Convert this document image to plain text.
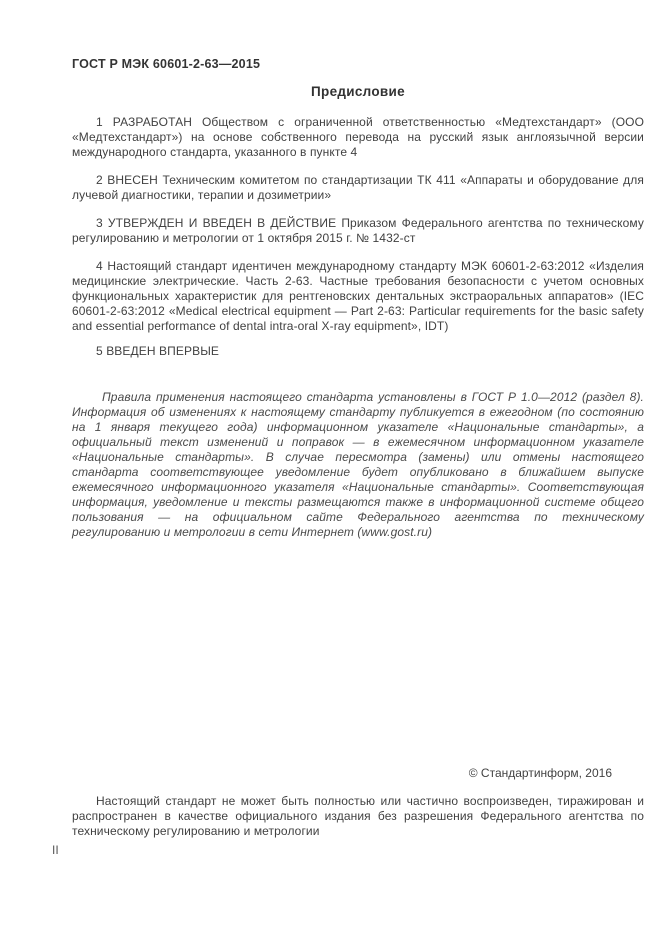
ГОСТ Р МЭК 60601-2-63—2015
Предисловие

1 РАЗРАБОТАН Обществом с ограниченной ответственностью «Медтехстандарт» (ООО «Медтехстандарт») на основе собственного перевода на русский язык англоязычной версии международного стандарта, указанного в пункте 4

2 ВНЕСЕН Техническим комитетом по стандартизации ТК 411 «Аппараты и оборудование для лучевой диагностики, терапии и дозиметрии»

3 УТВЕРЖДЕН И ВВЕДЕН В ДЕЙСТВИЕ Приказом Федерального агентства по техническому регулированию и метрологии от 1 октября 2015 г. № 1432-ст

4 Настоящий стандарт идентичен международному стандарту МЭК 60601-2-63:2012 «Изделия медицинские электрические. Часть 2-63. Частные требования безопасности с учетом основных функциональных характеристик для рентгеновских дентальных экстраоральных аппаратов» (IEC 60601-2-63:2012 «Medical electrical equipment — Part 2-63: Particular requirements for the basic safety and essential performance of dental intra-oral X-ray equipment», IDT)

5 ВВЕДЕН ВПЕРВЫЕ

Правила применения настоящего стандарта установлены в ГОСТ Р 1.0—2012 (раздел 8). Информация об изменениях к настоящему стандарту публикуется в ежегодном (по состоянию на 1 января текущего года) информационном указателе «Национальные стандарты», а официальный текст изменений и поправок — в ежемесячном информационном указателе «Национальные стандарты». В случае пересмотра (замены) или отмены настоящего стандарта соответствующее уведомление будет опубликовано в ближайшем выпуске ежемесячного информационного указателя «Национальные стандарты». Соответствующая информация, уведомление и тексты размещаются также в информационной системе общего пользования — на официальном сайте Федерального агентства по техническому регулированию и метрологии в сети Интернет (www.gost.ru)

© Стандартинформ, 2016

Настоящий стандарт не может быть полностью или частично воспроизведен, тиражирован и распространен в качестве официального издания без разрешения Федерального агентства по техническому регулированию и метрологии

II
